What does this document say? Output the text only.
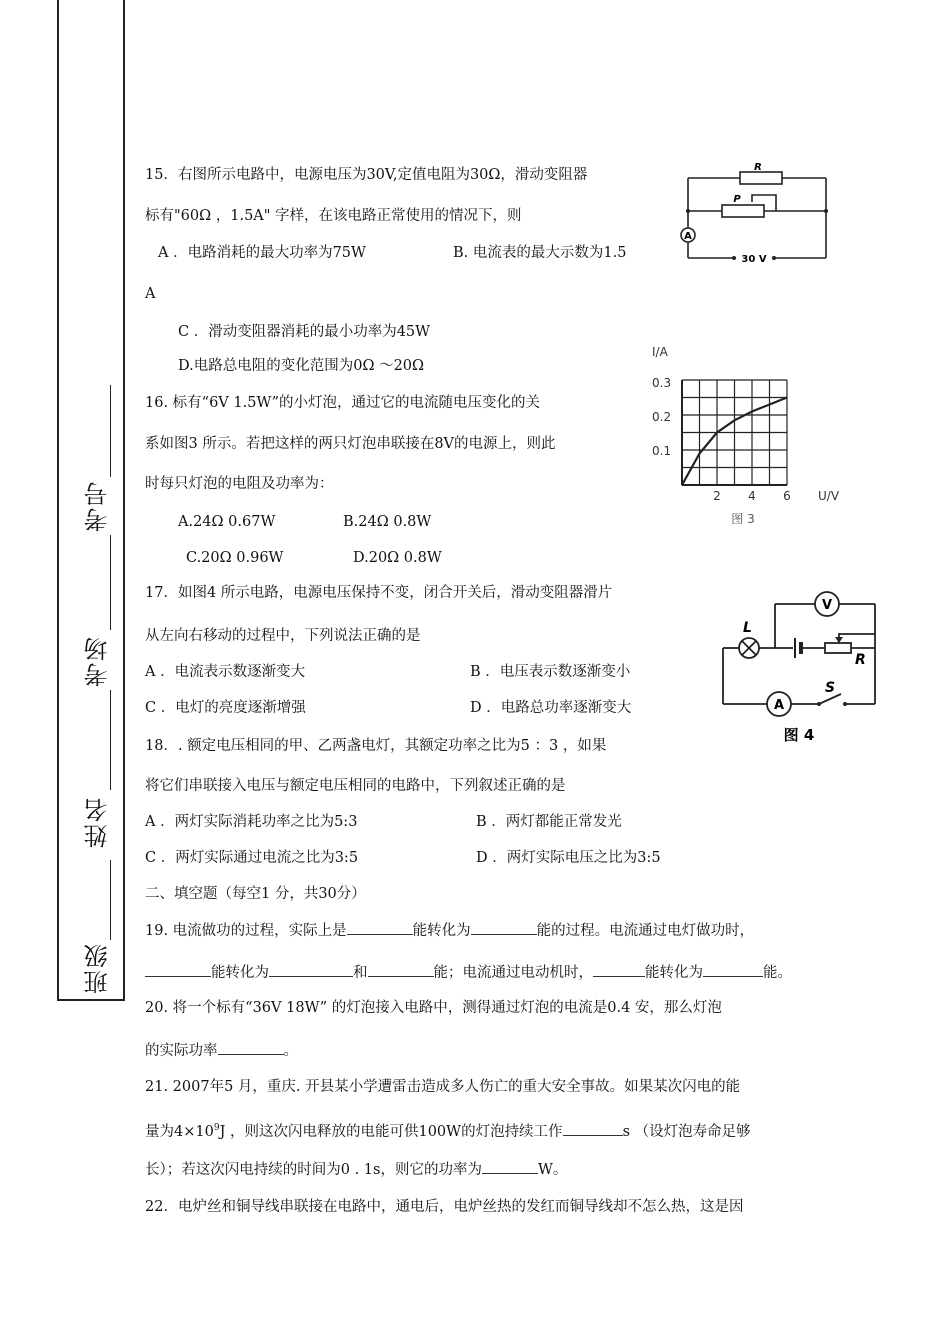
班级
姓名
考场
考号
15．右图所示电路中，电源电压为30V,定值电阻为30Ω，滑动变阻器
标有"60Ω ，1.5A" 字样，在该电路正常使用的情况下，则
A ．电路消耗的最大功率为75W	B. 电流表的最大示数为1.5
A
C ．滑动变阻器消耗的最小功率为45W
D.电路总电阻的变化范围为0Ω ～20Ω
R
P
A
30 V
16. 标有“6V 1.5W”的小灯泡，通过它的电流随电压变化的关
系如图3 所示。若把这样的两只灯泡串联接在8V的电源上，则此
时每只灯泡的电阻及功率为：
A.24Ω 0.67W	B.24Ω 0.8W
C.20Ω 0.96W	D.20Ω 0.8W
I/A
U/V
0.3
0.2
0.1
2 4 6
图 3
17．如图4 所示电路，电源电压保持不变，闭合开关后，滑动变阻器滑片
从左向右移动的过程中，下列说法正确的是
A ．电流表示数逐渐变大	B ．电压表示数逐渐变小
C ．电灯的亮度逐渐增强	D ．电路总功率逐渐变大
L
R
S
V
A
图 4
18．. 额定电压相同的甲、乙两盏电灯，其额定功率之比为5 ：3 ，如果
将它们串联接入电压与额定电压相同的电路中，下列叙述正确的是
A ．两灯实际消耗功率之比为5:3	B ．两灯都能正常发光
C ．两灯实际通过电流之比为3:5	D ．两灯实际电压之比为3:5
二、填空题（每空1 分，共30分）
19. 电流做功的过程，实际上是	能转化为	能的过程。电流通过电灯做功时，
能转化为	和	能；电流通过电动机时，	能转化为	能。
20. 将一个标有“36V 18W” 的灯泡接入电路中，测得通过灯泡的电流是0.4 安，那么灯泡
的实际功率	。
21. 2007年5 月，重庆. 开县某小学遭雷击造成多人伤亡的重大安全事故。如果某次闪电的能
量为$4\times 10^9J$ ，则这次闪电释放的电能可供100W的灯泡持续工作	s （设灯泡寿命足够
长）；若这次闪电持续的时间为0 . 1s，则它的功率为	W。
22．电炉丝和铜导线串联接在电路中，通电后，电炉丝热的发红而铜导线却不怎么热，这是因
